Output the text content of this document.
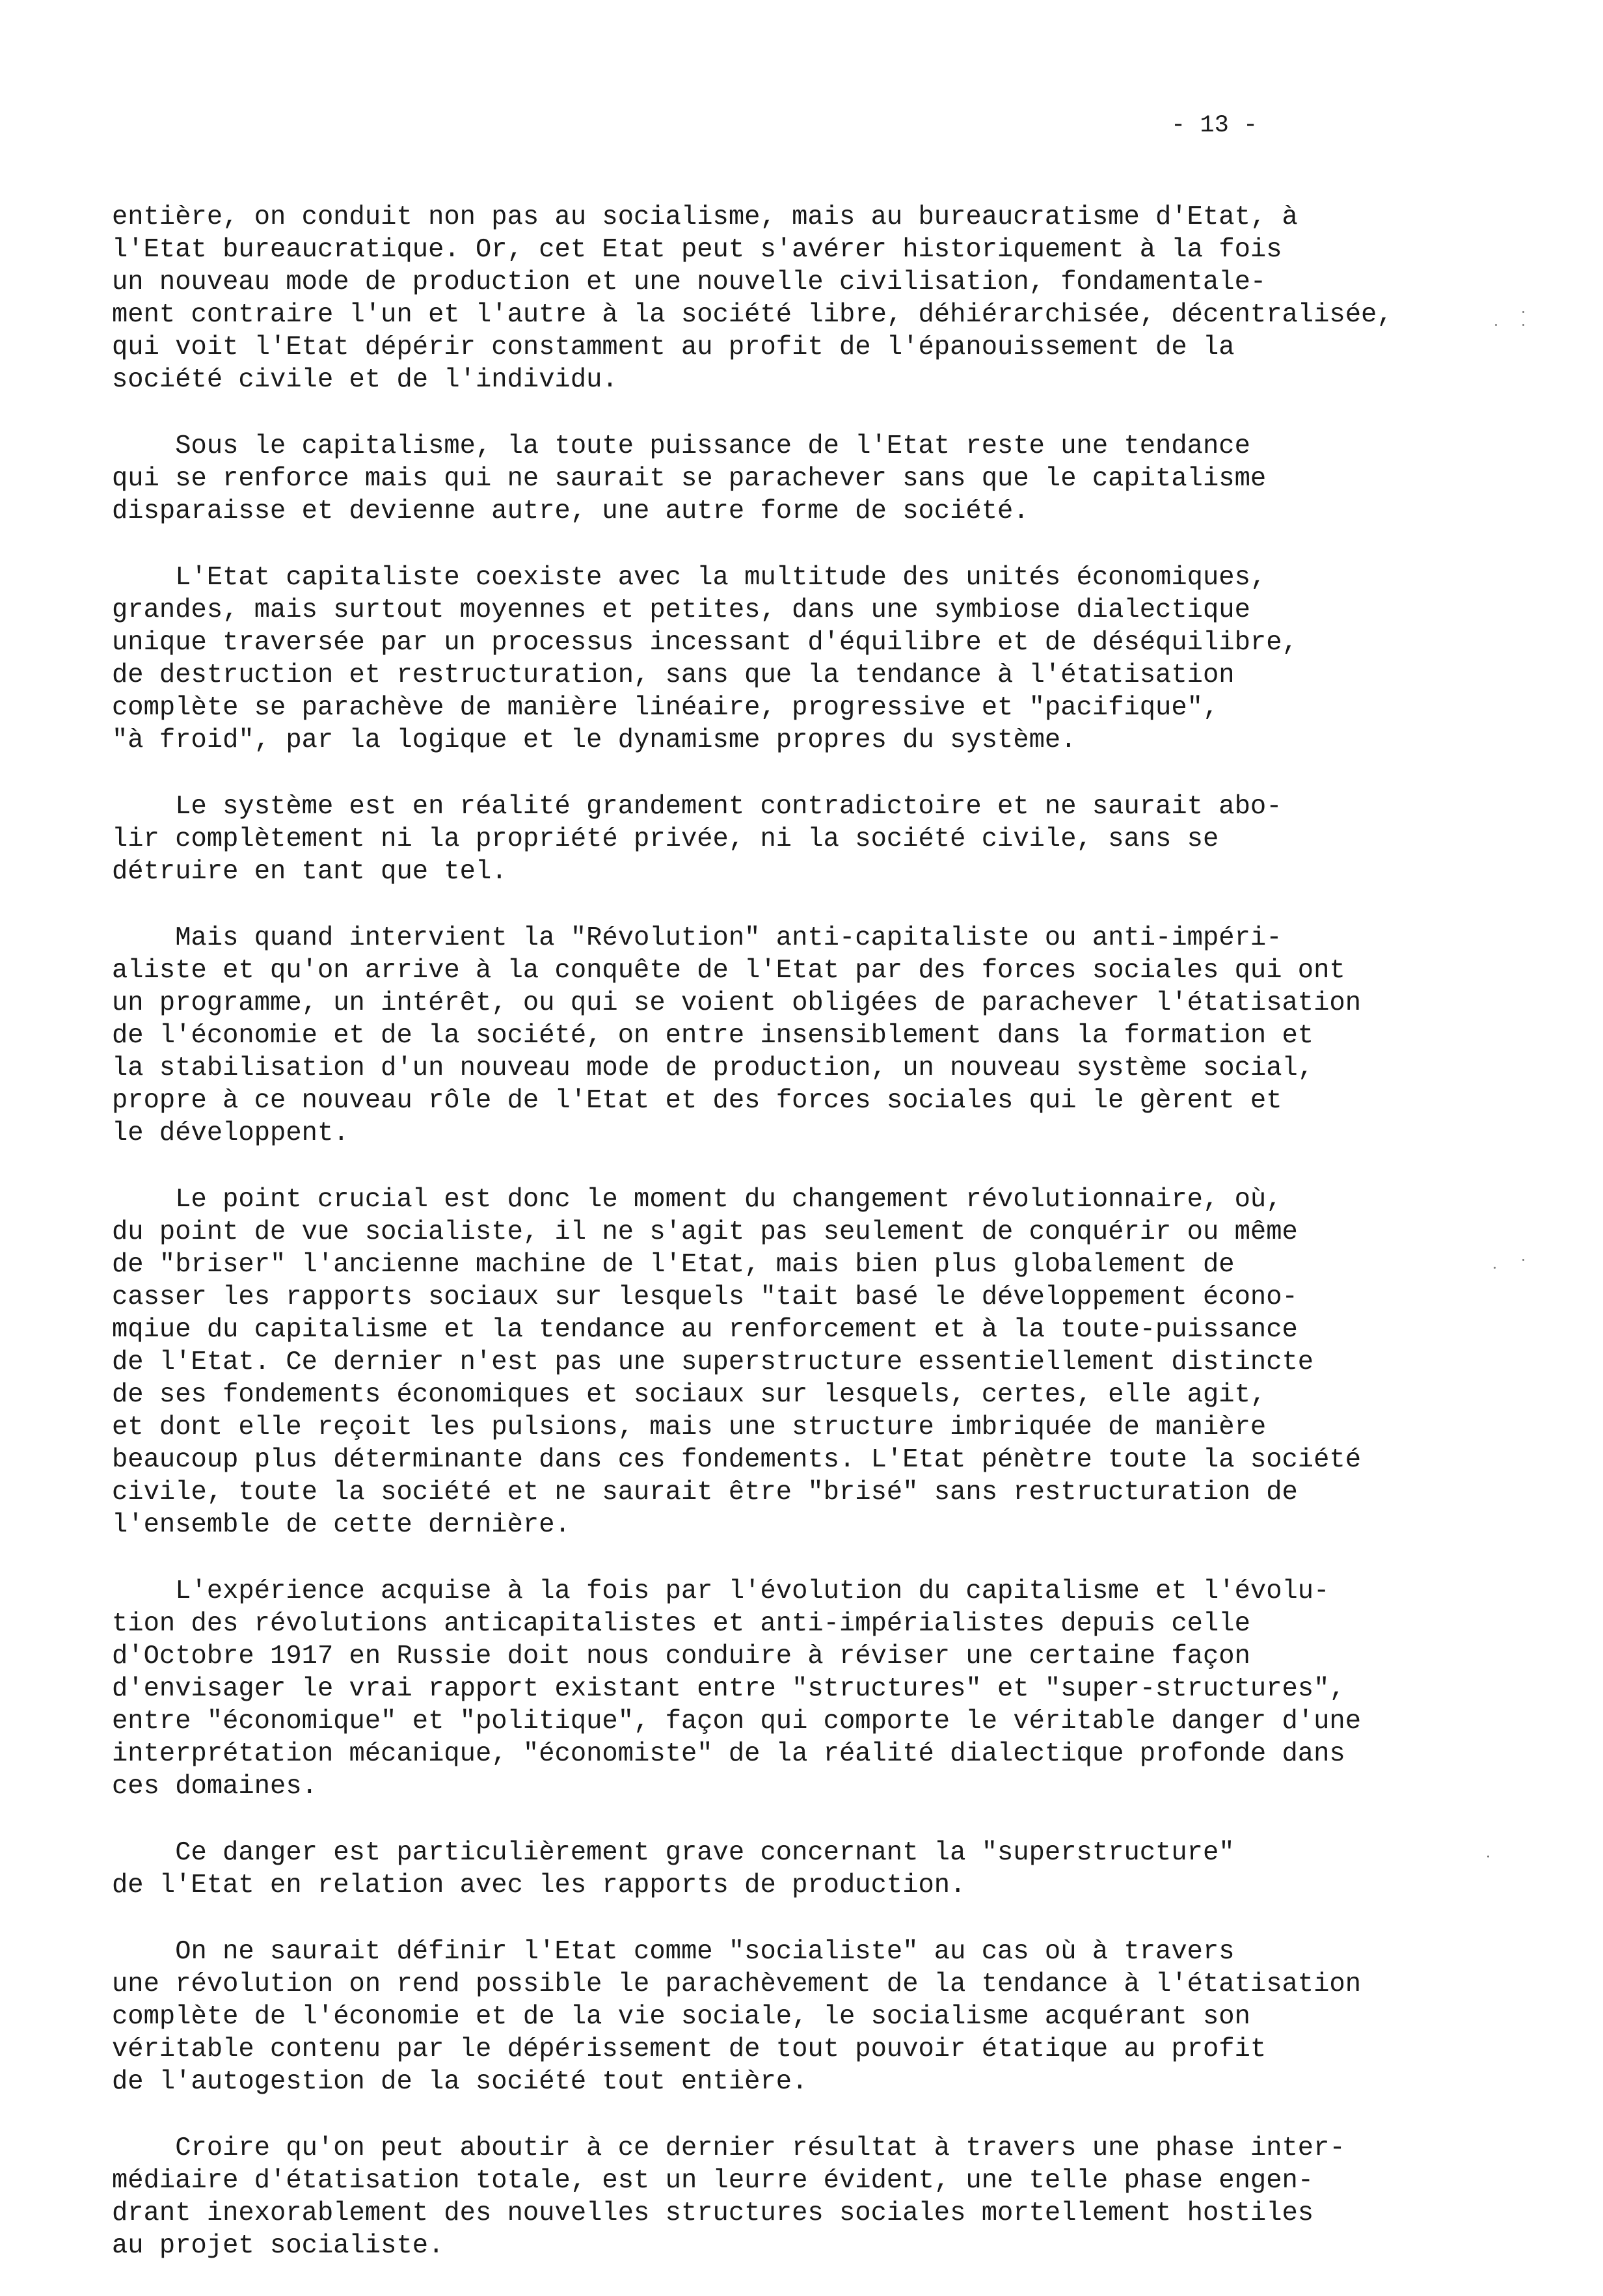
- 13 -
entière, on conduit non pas au socialisme, mais au bureaucratisme d'Etat, à
l'Etat bureaucratique. Or, cet Etat peut s'avérer historiquement à la fois
un nouveau mode de production et une nouvelle civilisation, fondamentale-
ment contraire l'un et l'autre à la société libre, déhiérarchisée, décentralisée,
qui voit l'Etat dépérir constamment au profit de l'épanouissement de la
société civile et de l'individu.
Sous le capitalisme, la toute puissance de l'Etat reste une tendance
qui se renforce mais qui ne saurait se parachever sans que le capitalisme
disparaisse et devienne autre, une autre forme de société.
L'Etat capitaliste coexiste avec la multitude des unités économiques,
grandes, mais surtout moyennes et petites, dans une symbiose dialectique
unique traversée par un processus incessant d'équilibre et de déséquilibre,
de destruction et restructuration, sans que la tendance à l'étatisation
complète se parachève de manière linéaire, progressive et "pacifique",
"à froid", par la logique et le dynamisme propres du système.
Le système est en réalité grandement contradictoire et ne saurait abo-
lir complètement ni la propriété privée, ni la société civile, sans se
détruire en tant que tel.
Mais quand intervient la "Révolution" anti-capitaliste ou anti-impéri-
aliste et qu'on arrive à la conquête de l'Etat par des forces sociales qui ont
un programme, un intérêt, ou qui se voient obligées de parachever l'étatisation
de l'économie et de la société, on entre insensiblement dans la formation et
la stabilisation d'un nouveau mode de production, un nouveau système social,
propre à ce nouveau rôle de l'Etat et des forces sociales qui le gèrent et
le développent.
Le point crucial est donc le moment du changement révolutionnaire, où,
du point de vue socialiste, il ne s'agit pas seulement de conquérir ou même
de "briser" l'ancienne machine de l'Etat, mais bien plus globalement de
casser les rapports sociaux sur lesquels "tait basé le développement écono-
mqiue du capitalisme et la tendance au renforcement et à la toute-puissance
de l'Etat. Ce dernier n'est pas une superstructure essentiellement distincte
de ses fondements économiques et sociaux sur lesquels, certes, elle agit,
et dont elle reçoit les pulsions, mais une structure imbriquée de manière
beaucoup plus déterminante dans ces fondements. L'Etat pénètre toute la société
civile, toute la société et ne saurait être "brisé" sans restructuration de
l'ensemble de cette dernière.
L'expérience acquise à la fois par l'évolution du capitalisme et l'évolu-
tion des révolutions anticapitalistes et anti-impérialistes depuis celle
d'Octobre 1917 en Russie doit nous conduire à réviser une certaine façon
d'envisager le vrai rapport existant entre "structures" et "super-structures",
entre "économique" et "politique", façon qui comporte le véritable danger d'une
interprétation mécanique, "économiste" de la réalité dialectique profonde dans
ces domaines.
Ce danger est particulièrement grave concernant la "superstructure"
de l'Etat en relation avec les rapports de production.
On ne saurait définir l'Etat comme "socialiste" au cas où à travers
une révolution on rend possible le parachèvement de la tendance à l'étatisation
complète de l'économie et de la vie sociale, le socialisme acquérant son
véritable contenu par le dépérissement de tout pouvoir étatique au profit
de l'autogestion de la société tout entière.
Croire qu'on peut aboutir à ce dernier résultat à travers une phase inter-
médiaire d'étatisation totale, est un leurre évident, une telle phase engen-
drant inexorablement des nouvelles structures sociales mortellement hostiles
au projet socialiste.
